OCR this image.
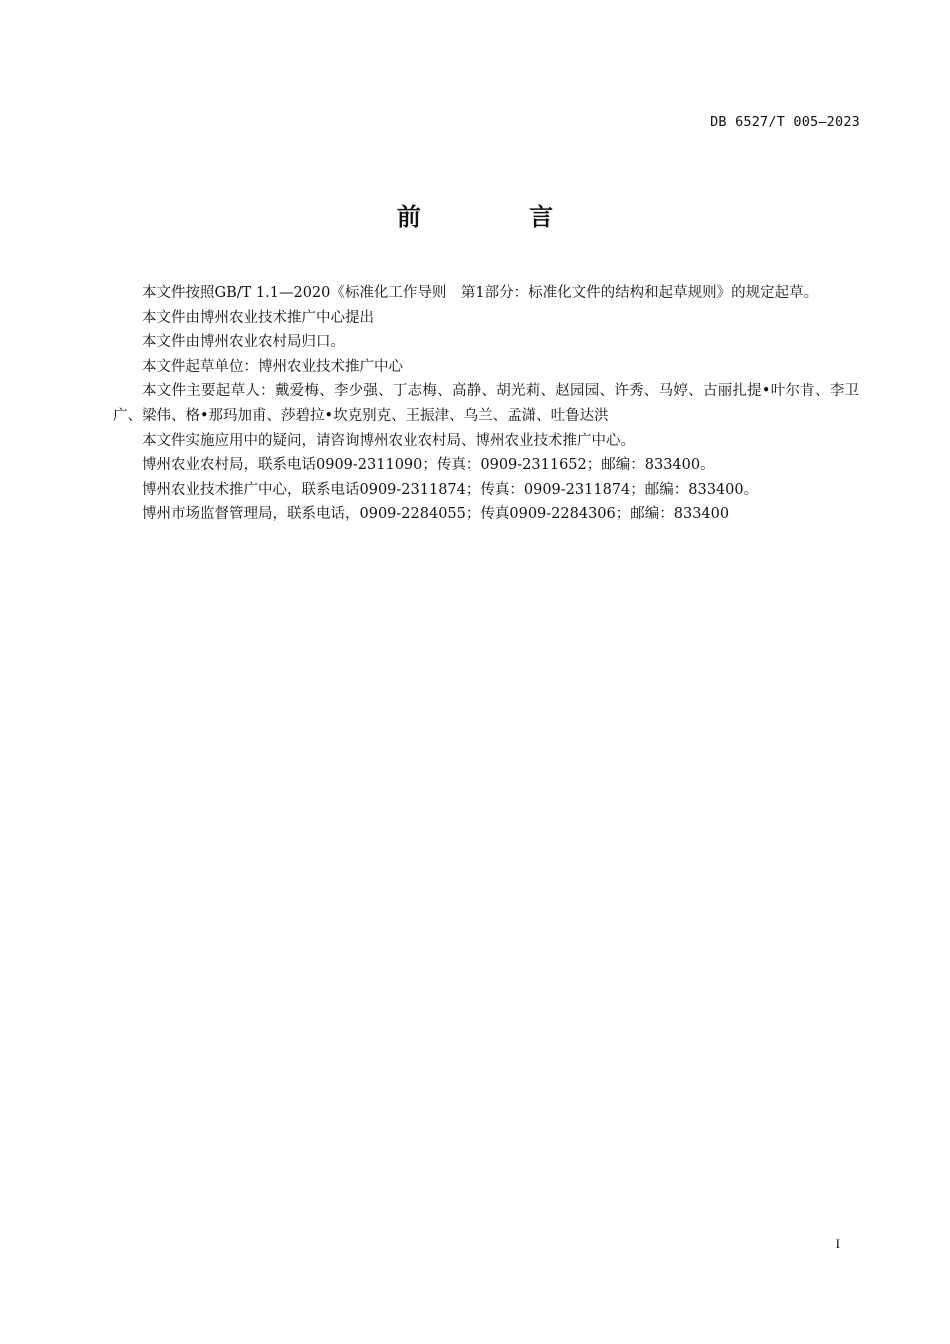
DB 6527/T 005—2023
前 言

本文件按照GB/T 1.1—2020《标准化工作导则　第1部分：标准化文件的结构和起草规则》的规定起草。

本文件由博州农业技术推广中心提出

本文件由博州农业农村局归口。

本文件起草单位：博州农业技术推广中心

本文件主要起草人：戴爱梅、李少强、丁志梅、高静、胡光莉、赵园园、许秀、马婷、古丽扎提•叶尔肯、李卫广、梁伟、格•那玛加甫、莎碧拉•坎克别克、王振津、乌兰、孟潇、吐鲁达洪

本文件实施应用中的疑问，请咨询博州农业农村局、博州农业技术推广中心。

博州农业农村局，联系电话0909-2311090；传真：0909-2311652；邮编：833400。

博州农业技术推广中心，联系电话0909-2311874；传真：0909-2311874；邮编：833400。

博州市场监督管理局，联系电话，0909-2284055；传真0909-2284306；邮编：833400

I
